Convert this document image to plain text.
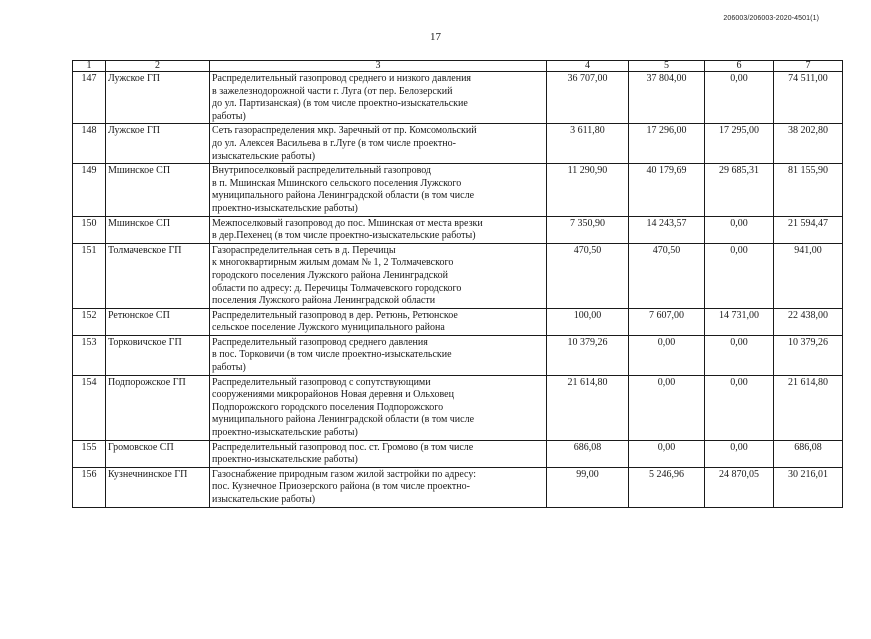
206003/206003-2020-4501(1)
17
1	2	3	4	5	6	7
147	Лужское ГП	Распределительный газопровод среднего и низкого давления
в зажелезнодорожной части г. Луга (от пер. Белозерский
до ул. Партизанская) (в том числе проектно-изыскательские
работы)	36 707,00	37 804,00	0,00	74 511,00
148	Лужское ГП	Сеть газораспределения мкр. Заречный от пр. Комсомольский
до ул. Алексея Васильева в г.Луге (в том числе проектно-
изыскательские работы)	3 611,80	17 296,00	17 295,00	38 202,80
149	Мшинское СП	Внутрипоселковый распределительный газопровод
в п. Мшинская Мшинского сельского поселения Лужского
муниципального района Ленинградской области (в том числе
проектно-изыскательские работы)	11 290,90	40 179,69	29 685,31	81 155,90
150	Мшинское СП	Межпоселковый газопровод до пос. Мшинская от места врезки
в дер.Пехенец (в том числе проектно-изыскательские работы)	7 350,90	14 243,57	0,00	21 594,47
151	Толмачевское ГП	Газораспределительная сеть в д. Перечицы
к многоквартирным жилым домам № 1, 2 Толмачевского
городского поселения Лужского района Ленинградской
области по адресу: д. Перечицы Толмачевского городского
поселения Лужского района Ленинградской области	470,50	470,50	0,00	941,00
152	Ретюнское СП	Распределительный газопровод в дер. Ретюнь, Ретюнское
сельское поселение Лужского муниципального района	100,00	7 607,00	14 731,00	22 438,00
153	Торковичское ГП	Распределительный газопровод среднего давления
в пос. Торковичи (в том числе проектно-изыскательские
работы)	10 379,26	0,00	0,00	10 379,26
154	Подпорожское ГП	Распределительный газопровод с сопутствующими
сооружениями микрорайонов Новая деревня и Ольховец
Подпорожского городского поселения Подпорожского
муниципального района Ленинградской области (в том числе
проектно-изыскательские работы)	21 614,80	0,00	0,00	21 614,80
155	Громовское СП	Распределительный газопровод пос. ст. Громово (в том числе
проектно-изыскательские работы)	686,08	0,00	0,00	686,08
156	Кузнечнинское ГП	Газоснабжение природным газом жилой застройки по адресу:
пос. Кузнечное Приозерского района (в том числе проектно-
изыскательские работы)	99,00	5 246,96	24 870,05	30 216,01
